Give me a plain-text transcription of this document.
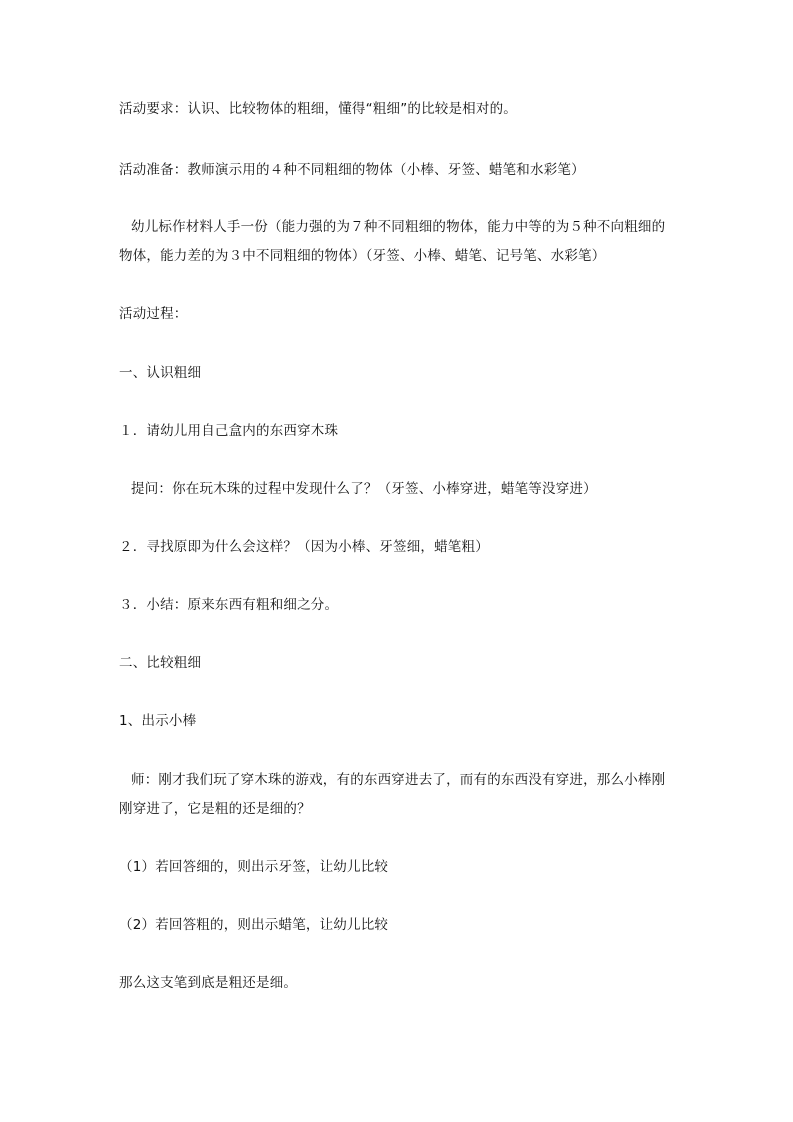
活动要求：认识、比较物体的粗细，懂得“粗细”的比较是相对的。
活动准备：教师演示用的４种不同粗细的物体（小棒、牙签、蜡笔和水彩笔）
幼儿标作材料人手一份（能力强的为７种不同粗细的物体，能力中等的为５种不向粗细的
物体，能力差的为３中不同粗细的物体）（牙签、小棒、蜡笔、记号笔、水彩笔）
活动过程：
一、认识粗细
１．请幼儿用自己盒内的东西穿木珠
提问：你在玩木珠的过程中发现什么了？（牙签、小棒穿进，蜡笔等没穿进）
２．寻找原即为什么会这样？（因为小棒、牙签细，蜡笔粗）
３．小结：原来东西有粗和细之分。
二、比较粗细
1、出示小棒
师：刚才我们玩了穿木珠的游戏，有的东西穿进去了，而有的东西没有穿进，那么小棒刚
刚穿进了，它是粗的还是细的？
（1）若回答细的，则出示牙签，让幼儿比较
（2）若回答粗的，则出示蜡笔，让幼儿比较
那么这支笔到底是粗还是细。
